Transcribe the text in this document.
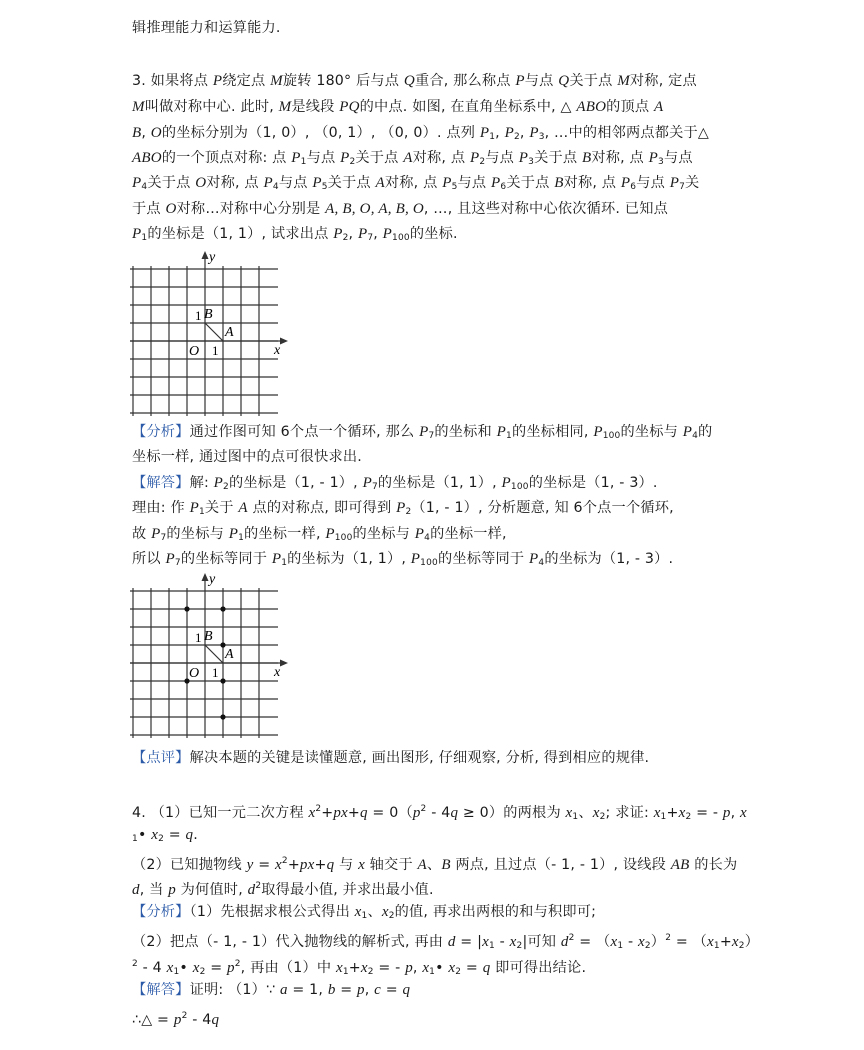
辑推理能力和运算能力.
3. 如果将点 P绕定点 M旋转 180° 后与点 Q重合, 那么称点 P与点 Q关于点 M对称, 定点
M叫做对称中心. 此时, M是线段 PQ的中点. 如图, 在直角坐标系中, △ ABO的顶点 A
B, O的坐标分别为（1, 0）, （0, 1）, （0, 0）. 点列 P1, P2, P3, …中的相邻两点都关于△
ABO的一个顶点对称: 点 P1与点 P2关于点 A对称, 点 P2与点 P3关于点 B对称, 点 P3与点
P4关于点 O对称, 点 P4与点 P5关于点 A对称, 点 P5与点 P6关于点 B对称, 点 P6与点 P7关
于点 O对称…对称中心分别是 A, B, O, A, B, O, …, 且这些对称中心依次循环. 已知点
P1的坐标是（1, 1）, 试求出点 P2, P7, P100的坐标.
y
x
O
B
A
1
1
【分析】通过作图可知 6个点一个循环, 那么 P7的坐标和 P1的坐标相同, P100的坐标与 P4的
坐标一样, 通过图中的点可很快求出.
【解答】解: P2的坐标是（1, - 1）, P7的坐标是（1, 1）, P100的坐标是（1, - 3）.
理由: 作 P1关于 A 点的对称点, 即可得到 P2（1, - 1）, 分析题意, 知 6个点一个循环,
故 P7的坐标与 P1的坐标一样, P100的坐标与 P4的坐标一样,
所以 P7的坐标等同于 P1的坐标为（1, 1）, P100的坐标等同于 P4的坐标为（1, - 3）.
y
x
O
B
A
1
1
【点评】解决本题的关键是读懂题意, 画出图形, 仔细观察, 分析, 得到相应的规律.
4. （1）已知一元二次方程 $x^2+px+q = 0(p^2 - 4q \ge 0)$的两根为 x1、x2; 求证: x1+x2 = - p, x
1• x2 = q.
（2）已知抛物线 $y = x^2+px+q$ 与 x 轴交于 A、B 两点, 且过点（- 1, - 1）, 设线段 AB 的长为
d, 当 p 为何值时, $d^2$取得最小值, 并求出最小值.
【分析】（1）先根据求根公式得出 x1、x2的值, 再求出两根的和与积即可;
（2）把点（- 1, - 1）代入抛物线的解析式, 再由 d = |x1 - x2|可知 $d^2 = (x1 - x2)^2 = (x1+x2)$
$^2$ - 4 x1• $x2 = p^2$, 再由（1）中 x1+x2 = - p, x1• x2 = q 即可得出结论.
【解答】证明: （1）∵ a = 1, b = p, c = q
∴△ = $p^2 - 4q$
